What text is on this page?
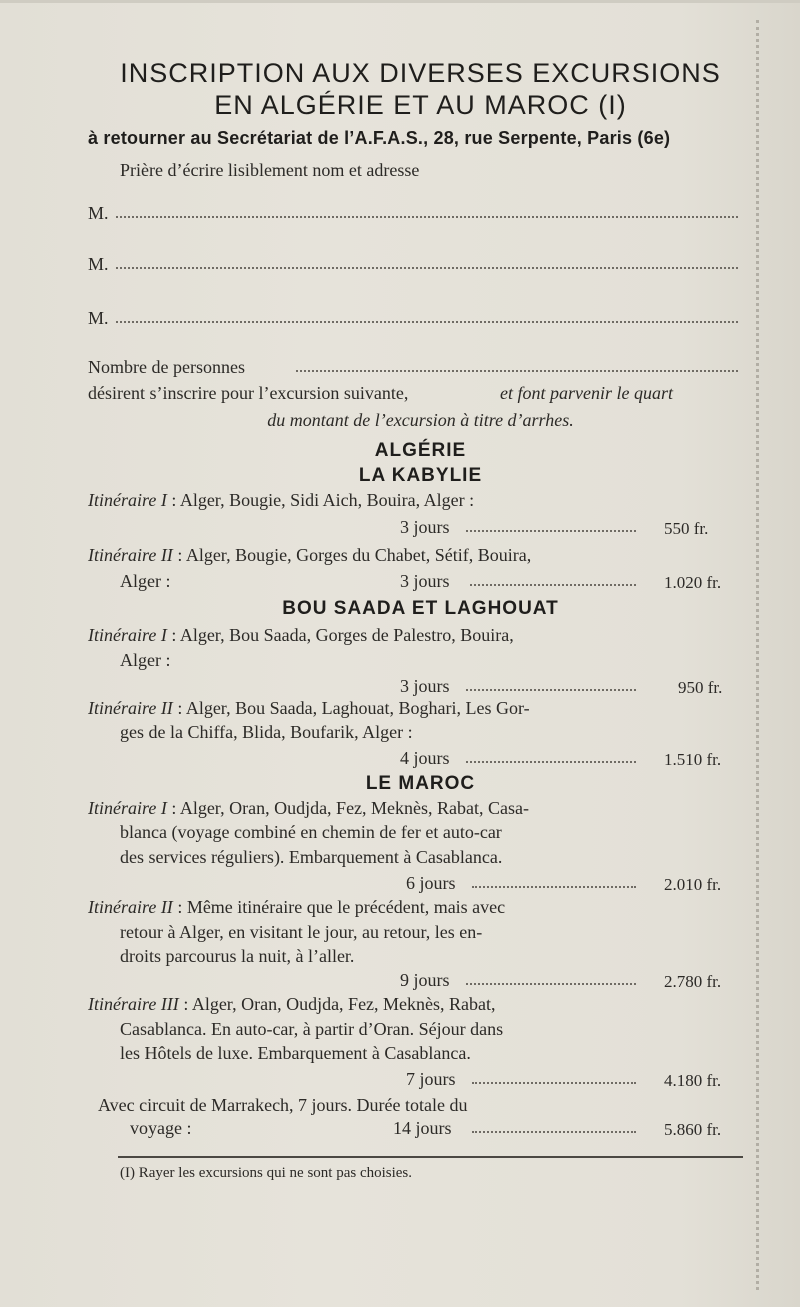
INSCRIPTION AUX DIVERSES EXCURSIONS
EN ALGÉRIE ET AU MAROC (I)
à retourner au Secrétariat de l’A.F.A.S., 28, rue Serpente, Paris (6e)
Prière d’écrire lisiblement nom et adresse
M.
M.
M.
Nombre de personnes
désirent s’inscrire pour l’excursion suivante,	et font parvenir le quart
du montant de l’excursion à titre d’arrhes.
ALGÉRIE
LA KABYLIE
Itinéraire I : Alger, Bougie, Sidi Aich, Bouira, Alger :
3 jours	550 fr.
Itinéraire II : Alger, Bougie, Gorges du Chabet, Sétif, Bouira,
Alger :	3 jours	1.020 fr.
BOU SAADA ET LAGHOUAT
Itinéraire I : Alger, Bou Saada, Gorges de Palestro, Bouira,
Alger :
3 jours	950 fr.
Itinéraire II : Alger, Bou Saada, Laghouat, Boghari, Les Gor-
ges de la Chiffa, Blida, Boufarik, Alger :
4 jours	1.510 fr.
LE MAROC
Itinéraire I : Alger, Oran, Oudjda, Fez, Meknès, Rabat, Casa-
blanca (voyage combiné en chemin de fer et auto-car
des services réguliers). Embarquement à Casablanca.
6 jours	2.010 fr.
Itinéraire II : Même itinéraire que le précédent, mais avec
retour à Alger, en visitant le jour, au retour, les en-
droits parcourus la nuit, à l’aller.
9 jours	2.780 fr.
Itinéraire III : Alger, Oran, Oudjda, Fez, Meknès, Rabat,
Casablanca. En auto-car, à partir d’Oran. Séjour dans
les Hôtels de luxe. Embarquement à Casablanca.
7 jours	4.180 fr.
Avec circuit de Marrakech, 7 jours. Durée totale du
voyage :	14 jours	5.860 fr.
(I) Rayer les excursions qui ne sont pas choisies.
